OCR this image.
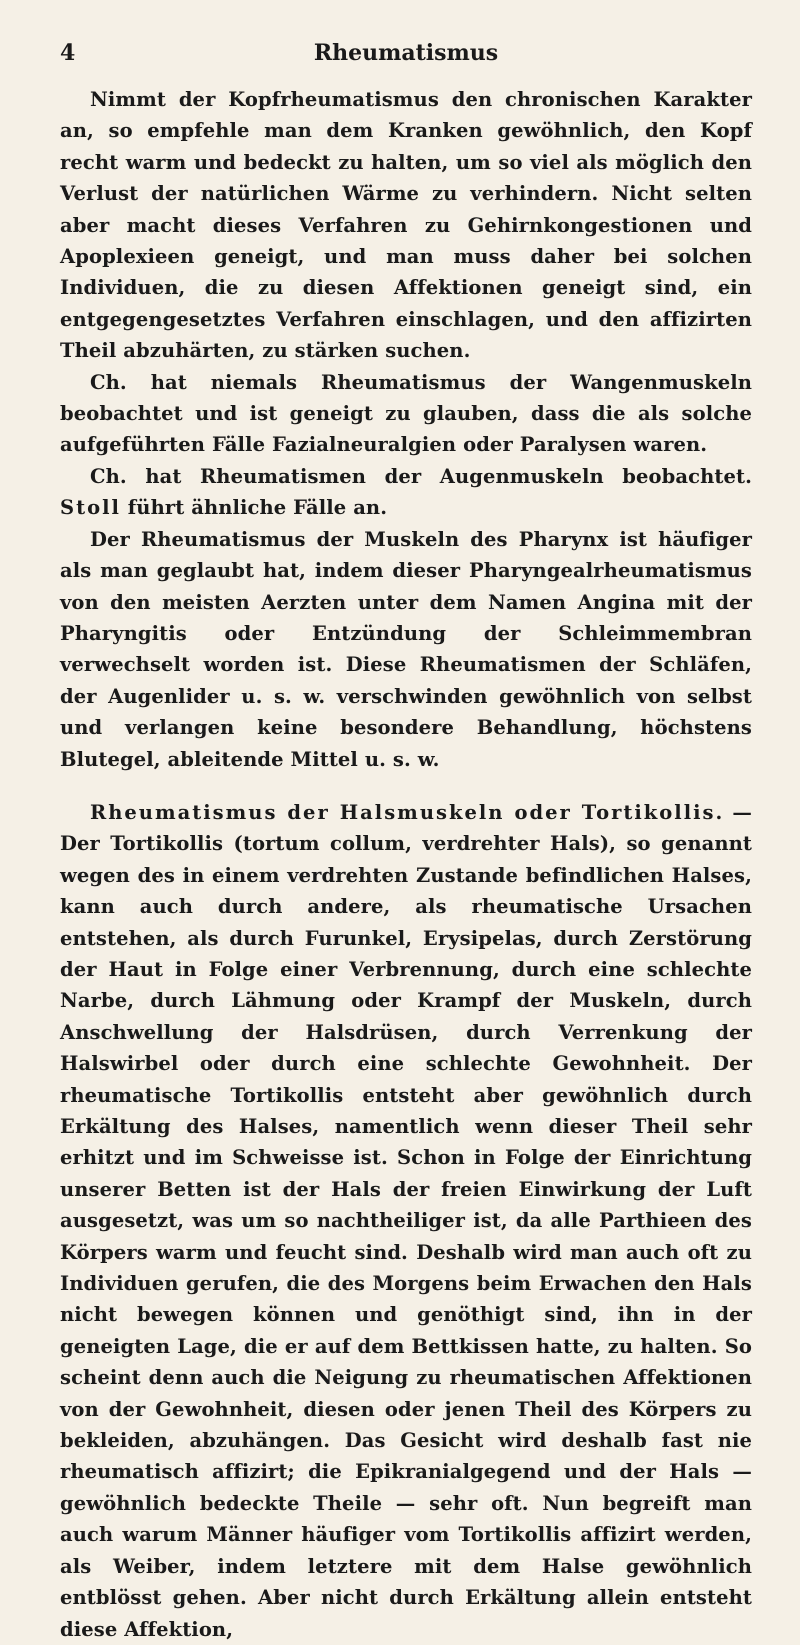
4	Rheumatismus

Nimmt der Kopfrheumatismus den chronischen Karakter an, so empfehle man dem Kranken gewöhnlich, den Kopf recht warm und bedeckt zu halten, um so viel als möglich den Verlust der natürlichen Wärme zu verhindern. Nicht selten aber macht dieses Verfahren zu Gehirnkongestionen und Apoplexieen geneigt, und man muss daher bei solchen Individuen, die zu diesen Affektionen geneigt sind, ein entgegengesetztes Verfahren einschlagen, und den affizirten Theil abzuhärten, zu stärken suchen.

Ch. hat niemals Rheumatismus der Wangenmuskeln beobachtet und ist geneigt zu glauben, dass die als solche aufgeführten Fälle Fazialneuralgien oder Paralysen waren.

Ch. hat Rheumatismen der Augenmuskeln beobachtet. Stoll führt ähnliche Fälle an.

Der Rheumatismus der Muskeln des Pharynx ist häufiger als man geglaubt hat, indem dieser Pharyngealrheumatismus von den meisten Aerzten unter dem Namen Angina mit der Pharyngitis oder Entzündung der Schleimmembran verwechselt worden ist. Diese Rheumatismen der Schläfen, der Augenlider u. s. w. verschwinden gewöhnlich von selbst und verlangen keine besondere Behandlung, höchstens Blutegel, ableitende Mittel u. s. w.

Rheumatismus der Halsmuskeln oder Tortikollis. — Der Tortikollis (tortum collum, verdrehter Hals), so genannt wegen des in einem verdrehten Zustande befindlichen Halses, kann auch durch andere, als rheumatische Ursachen entstehen, als durch Furunkel, Erysipelas, durch Zerstörung der Haut in Folge einer Verbrennung, durch eine schlechte Narbe, durch Lähmung oder Krampf der Muskeln, durch Anschwellung der Halsdrüsen, durch Verrenkung der Halswirbel oder durch eine schlechte Gewohnheit. Der rheumatische Tortikollis entsteht aber gewöhnlich durch Erkältung des Halses, namentlich wenn dieser Theil sehr erhitzt und im Schweisse ist. Schon in Folge der Einrichtung unserer Betten ist der Hals der freien Einwirkung der Luft ausgesetzt, was um so nachtheiliger ist, da alle Parthieen des Körpers warm und feucht sind. Deshalb wird man auch oft zu Individuen gerufen, die des Morgens beim Erwachen den Hals nicht bewegen können und genöthigt sind, ihn in der geneigten Lage, die er auf dem Bettkissen hatte, zu halten. So scheint denn auch die Neigung zu rheumatischen Affektionen von der Gewohnheit, diesen oder jenen Theil des Körpers zu bekleiden, abzuhängen. Das Gesicht wird deshalb fast nie rheumatisch affizirt; die Epikranialgegend und der Hals — gewöhnlich bedeckte Theile — sehr oft. Nun begreift man auch warum Männer häufiger vom Tortikollis affizirt werden, als Weiber, indem letztere mit dem Halse gewöhnlich entblösst gehen. Aber nicht durch Erkältung allein entsteht diese Affektion,
